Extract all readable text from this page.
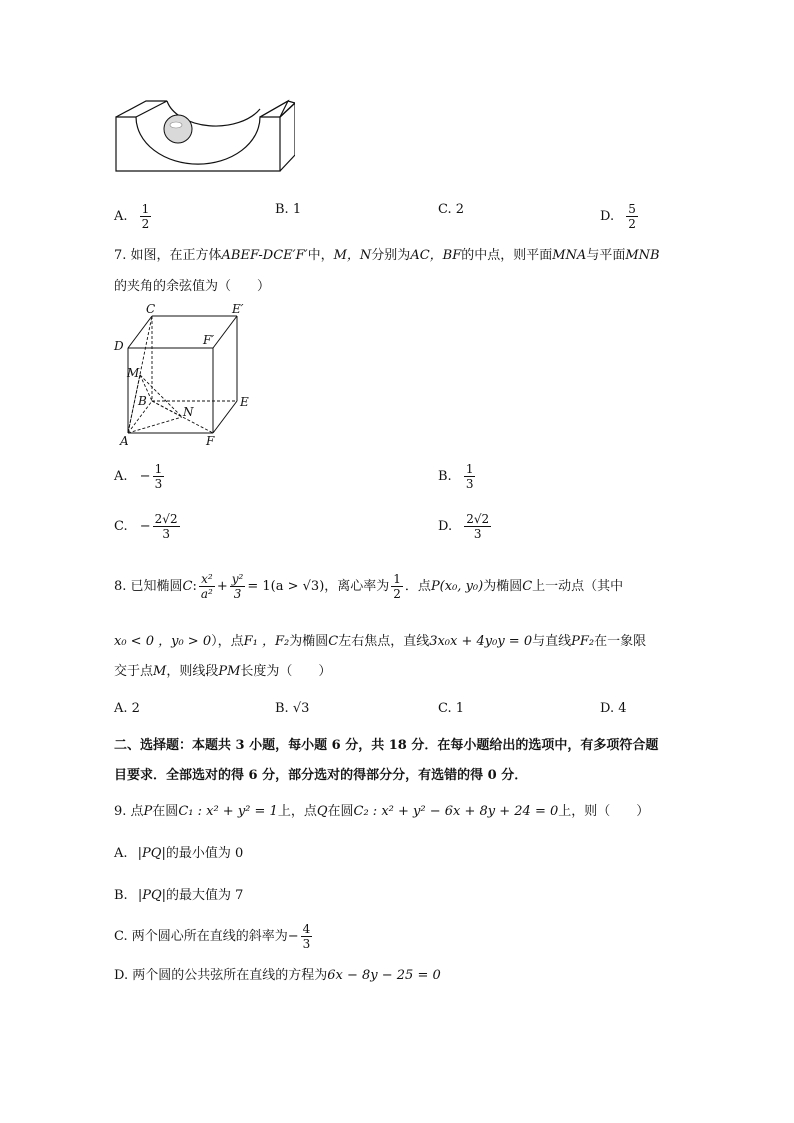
A. $\frac{1}{2}$	B. 1	C. 2	D. $\frac{5}{2}$
7. 如图，在正方体ABEF-DCE′F′中，M，N分别为AC，BF的中点，则平面MNA与平面MNB
的夹角的余弦值为（　　）
C	E′
D	F′
M
B
N
E
A	F
A. − $\frac{1}{3}$	B. $\frac{1}{3}$
C. − $\frac{2√2}{3}$	D. $\frac{2√2}{3}$
8. 已知椭圆C: $\frac{\text{x²}}{\text{a²}} + \frac{\text{y²}}{3} = 1(a > √3)$，离心率为 $\frac{1}{2}$ ．点P(x₀, y₀)为椭圆C上一动点（其中
x₀ < 0 ，y₀ > 0），点F₁ ，F₂为椭圆C左右焦点，直线3x₀x + 4y₀y = 0与直线PF₂在一象限
交于点M，则线段PM长度为（　　）
A. 2	B. √3	C. 1	D. 4
二、选择题：本题共 3 小题，每小题 6 分，共 18 分．在每小题给出的选项中，有多项符合题
目要求．全部选对的得 6 分，部分选对的得部分分，有选错的得 0 分．
9. 点P在圆C₁ : x² + y² = 1上，点Q在圆C₂ : x² + y² − 6x + 8y + 24 = 0上，则（　　）
A. |PQ|的最小值为 0
B. |PQ|的最大值为 7
C. 两个圆心所在直线的斜率为− $\frac{4}{3}$
D. 两个圆的公共弦所在直线的方程为6x − 8y − 25 = 0
